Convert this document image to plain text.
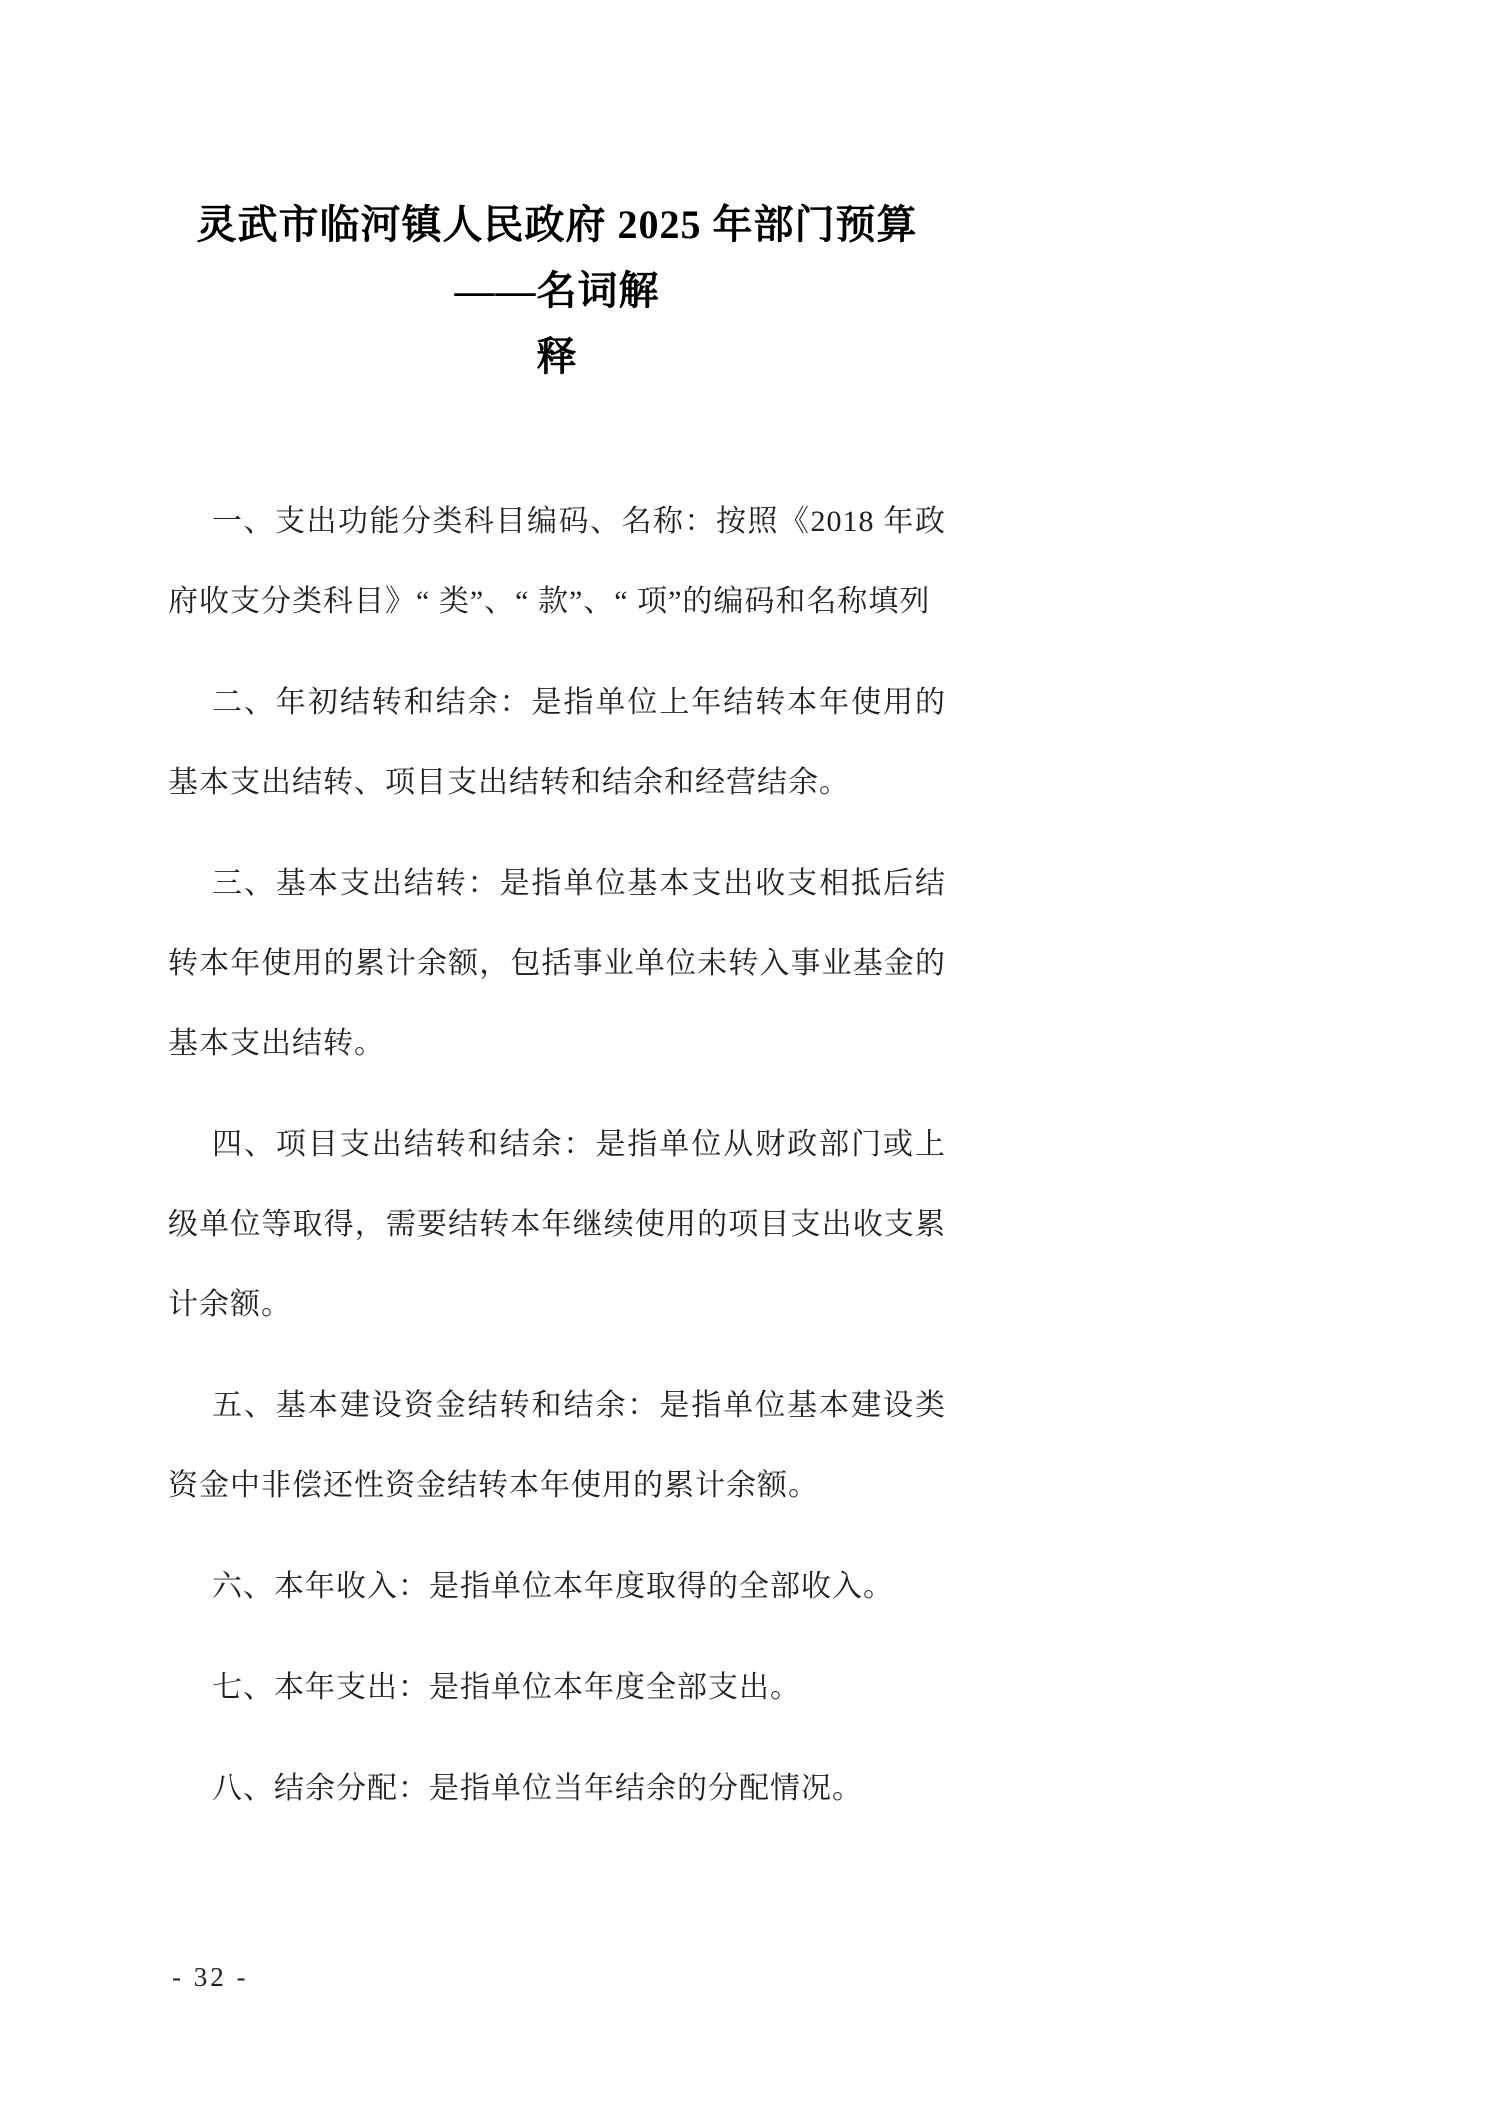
灵武市临河镇人民政府 2025 年部门预算——名词解
释

一、支出功能分类科目编码、名称：按照《2018 年政府收支分类科目》“ 类”、“ 款”、“ 项”的编码和名称填列

二、年初结转和结余：是指单位上年结转本年使用的基本支出结转、项目支出结转和结余和经营结余。

三、基本支出结转：是指单位基本支出收支相抵后结转本年使用的累计余额，包括事业单位未转入事业基金的基本支出结转。

四、项目支出结转和结余：是指单位从财政部门或上级单位等取得，需要结转本年继续使用的项目支出收支累计余额。

五、基本建设资金结转和结余：是指单位基本建设类资金中非偿还性资金结转本年使用的累计余额。

六、本年收入：是指单位本年度取得的全部收入。

七、本年支出：是指单位本年度全部支出。

八、结余分配：是指单位当年结余的分配情况。

- 32 -
